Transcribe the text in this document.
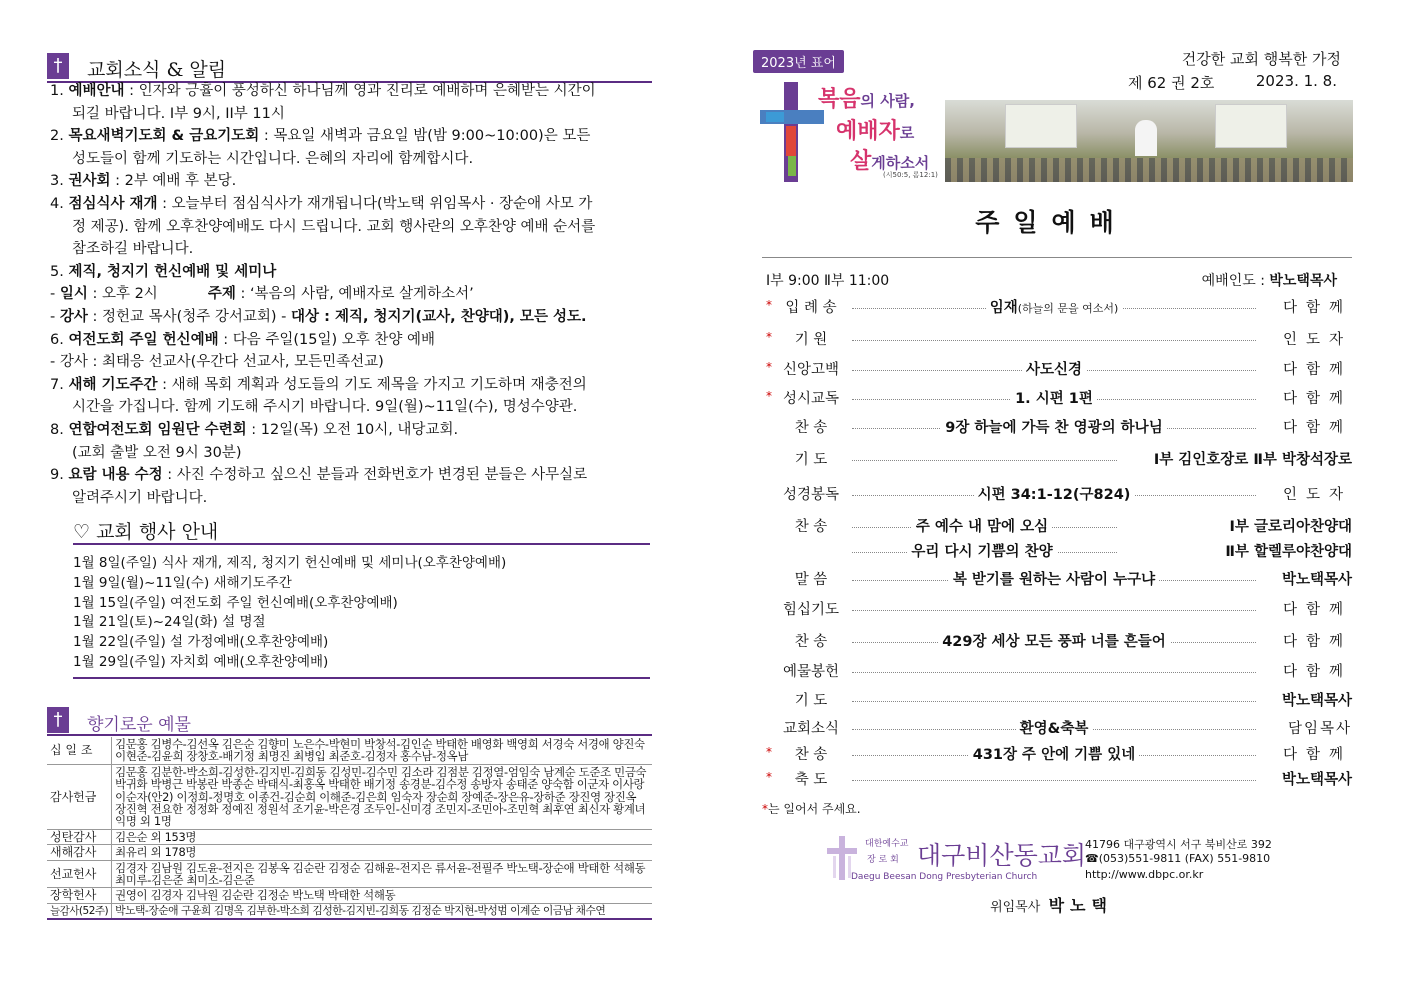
†	교회소식 & 알림
1. 예배안내 : 인자와 긍휼이 풍성하신 하나님께 영과 진리로 예배하며 은혜받는 시간이
되길 바랍니다. I부 9시, II부 11시
2. 목요새벽기도회 & 금요기도회 : 목요일 새벽과 금요일 밤(밤 9:00~10:00)은 모든
성도들이 함께 기도하는 시간입니다. 은혜의 자리에 함께합시다.
3. 권사회 : 2부 예배 후 본당.
4. 점심식사 재개 : 오늘부터 점심식사가 재개됩니다(박노택 위임목사 · 장순애 사모 가
정 제공). 함께 오후찬양예배도 다시 드립니다. 교회 행사란의 오후찬양 예배 순서를
참조하길 바랍니다.
5. 제직, 청지기 헌신예배 및 세미나
- 일시 : 오후 2시	주제 : ‘복음의 사람, 예배자로 살게하소서’
- 강사 : 정헌교 목사(청주 강서교회) - 대상 : 제직, 청지기(교사, 찬양대), 모든 성도.
6. 여전도회 주일 헌신예배 : 다음 주일(15일) 오후 찬양 예배
- 강사 : 최태응 선교사(우간다 선교사, 모든민족선교)
7. 새해 기도주간 : 새해 목회 계획과 성도들의 기도 제목을 가지고 기도하며 재충전의
시간을 가집니다. 함께 기도해 주시기 바랍니다. 9일(월)~11일(수), 명성수양관.
8. 연합여전도회 임원단 수련회 : 12일(목) 오전 10시, 내당교회.
(교회 출발 오전 9시 30분)
9. 요람 내용 수정 : 사진 수정하고 싶으신 분들과 전화번호가 변경된 분들은 사무실로
알려주시기 바랍니다.
♡ 교회 행사 안내
1월 8일(주일) 식사 재개, 제직, 청지기 헌신예배 및 세미나(오후찬양예배)
1월 9일(월)~11일(수) 새해기도주간
1월 15일(주일) 여전도회 주일 헌신예배(오후찬양예배)
1월 21일(토)~24일(화) 설 명절
1월 22일(주일) 설 가정예배(오후찬양예배)
1월 29일(주일) 자치회 예배(오후찬양예배)
†	향기로운 예물
십 일 조	김문홍 김병수-김선옥 김은순 김향미 노은수-박현미 박창석-김인순 박태한 배영화 백영희 서경숙 서경애 양진숙 이현준-김윤희 장창호-배기정 최명진 최병입 최준호-김정자 홍수남-정옥남
감사헌금	김문홍 김분한-박소희-김성한-김지빈-김희동 김성민-김수민 김소라 김점분 김정열-엄임숙 남계순 도준조 민금숙 박귀화 박병근 박봉란 박종순 박태식-최홍옥 박태한 배기정 송경분-김수정 송방자 송태준 양숙함 이군자 이사랑 이순자(안2) 이정희-정명호 이종건-김순희 이해준-김은희 임숙자 장순희 장예준-장은유-장하준 장진영 장진옥 장진혁 전요한 정정화 정예진 정원석 조기윤-박은경 조두인-신미경 조민지-조민아-조민혁 최후연 최신자 황계녀 익명 외 1명
성탄감사	김은순 외 153명
새해감사	최유리 외 178명
선교헌사	김경자 김남원 김도윤-전지은 김봉옥 김순란 김정순 김해윤-전지은 류서윤-전필주 박노택-장순애 박태한 석해동 최미루-김은준 최미소-김은준
장학헌사	권영이 김경자 김낙원 김순란 김정순 박노택 박태한 석해동
늘감사(52주)	박노택-장순애 구윤희 김명옥 김부한-박소희 김성한-김지빈-김희동 김정순 박지현-박성범 이계순 이금남 채수연
2023년 표어	건강한 교회 행복한 가정
제 62 권 2호	2023. 1. 8.
복음의 사람,
예배자로
살게하소서
(시50:5, 롬12:1)
주일예배
Ⅰ부 9:00 Ⅱ부 11:00	예배인도 : 박노택목사
* 입 례 송	임재(하늘의 문을 여소서)	다함께
*	기 원	인도자
* 신앙고백	사도신경	다함께
* 성시교독	1. 시편 1편	다함께
찬 송	9장 하늘에 가득 찬 영광의 하나님	다함께
기 도	Ⅰ부 김인호장로 Ⅱ부 박창석장로
성경봉독	시편 34:1-12(구824)	인도자
찬 송	주 예수 내 맘에 오심	Ⅰ부 글로리아찬양대
우리 다시 기쁨의 찬양	Ⅱ부 할렐루야찬양대
말 씀	복 받기를 원하는 사람이 누구냐	박노택목사
힘십기도	다함께
찬 송	429장 세상 모든 풍파 너를 흔들어	다함께
예물봉헌	다함께
기 도	박노택목사
교회소식	환영&축복	담임목사
*	찬 송	431장 주 안에 기쁨 있네	다함께
*	축 도	박노택목사
*는 일어서 주세요.
대한예수교
장 로 회 대구비산동교회
Daegu Beesan Dong Presbyterian Church
41796 대구광역시 서구 북비산로 392
☎(053)551-9811 (FAX) 551-9810
http://www.dbpc.or.kr
위임목사 박노택
